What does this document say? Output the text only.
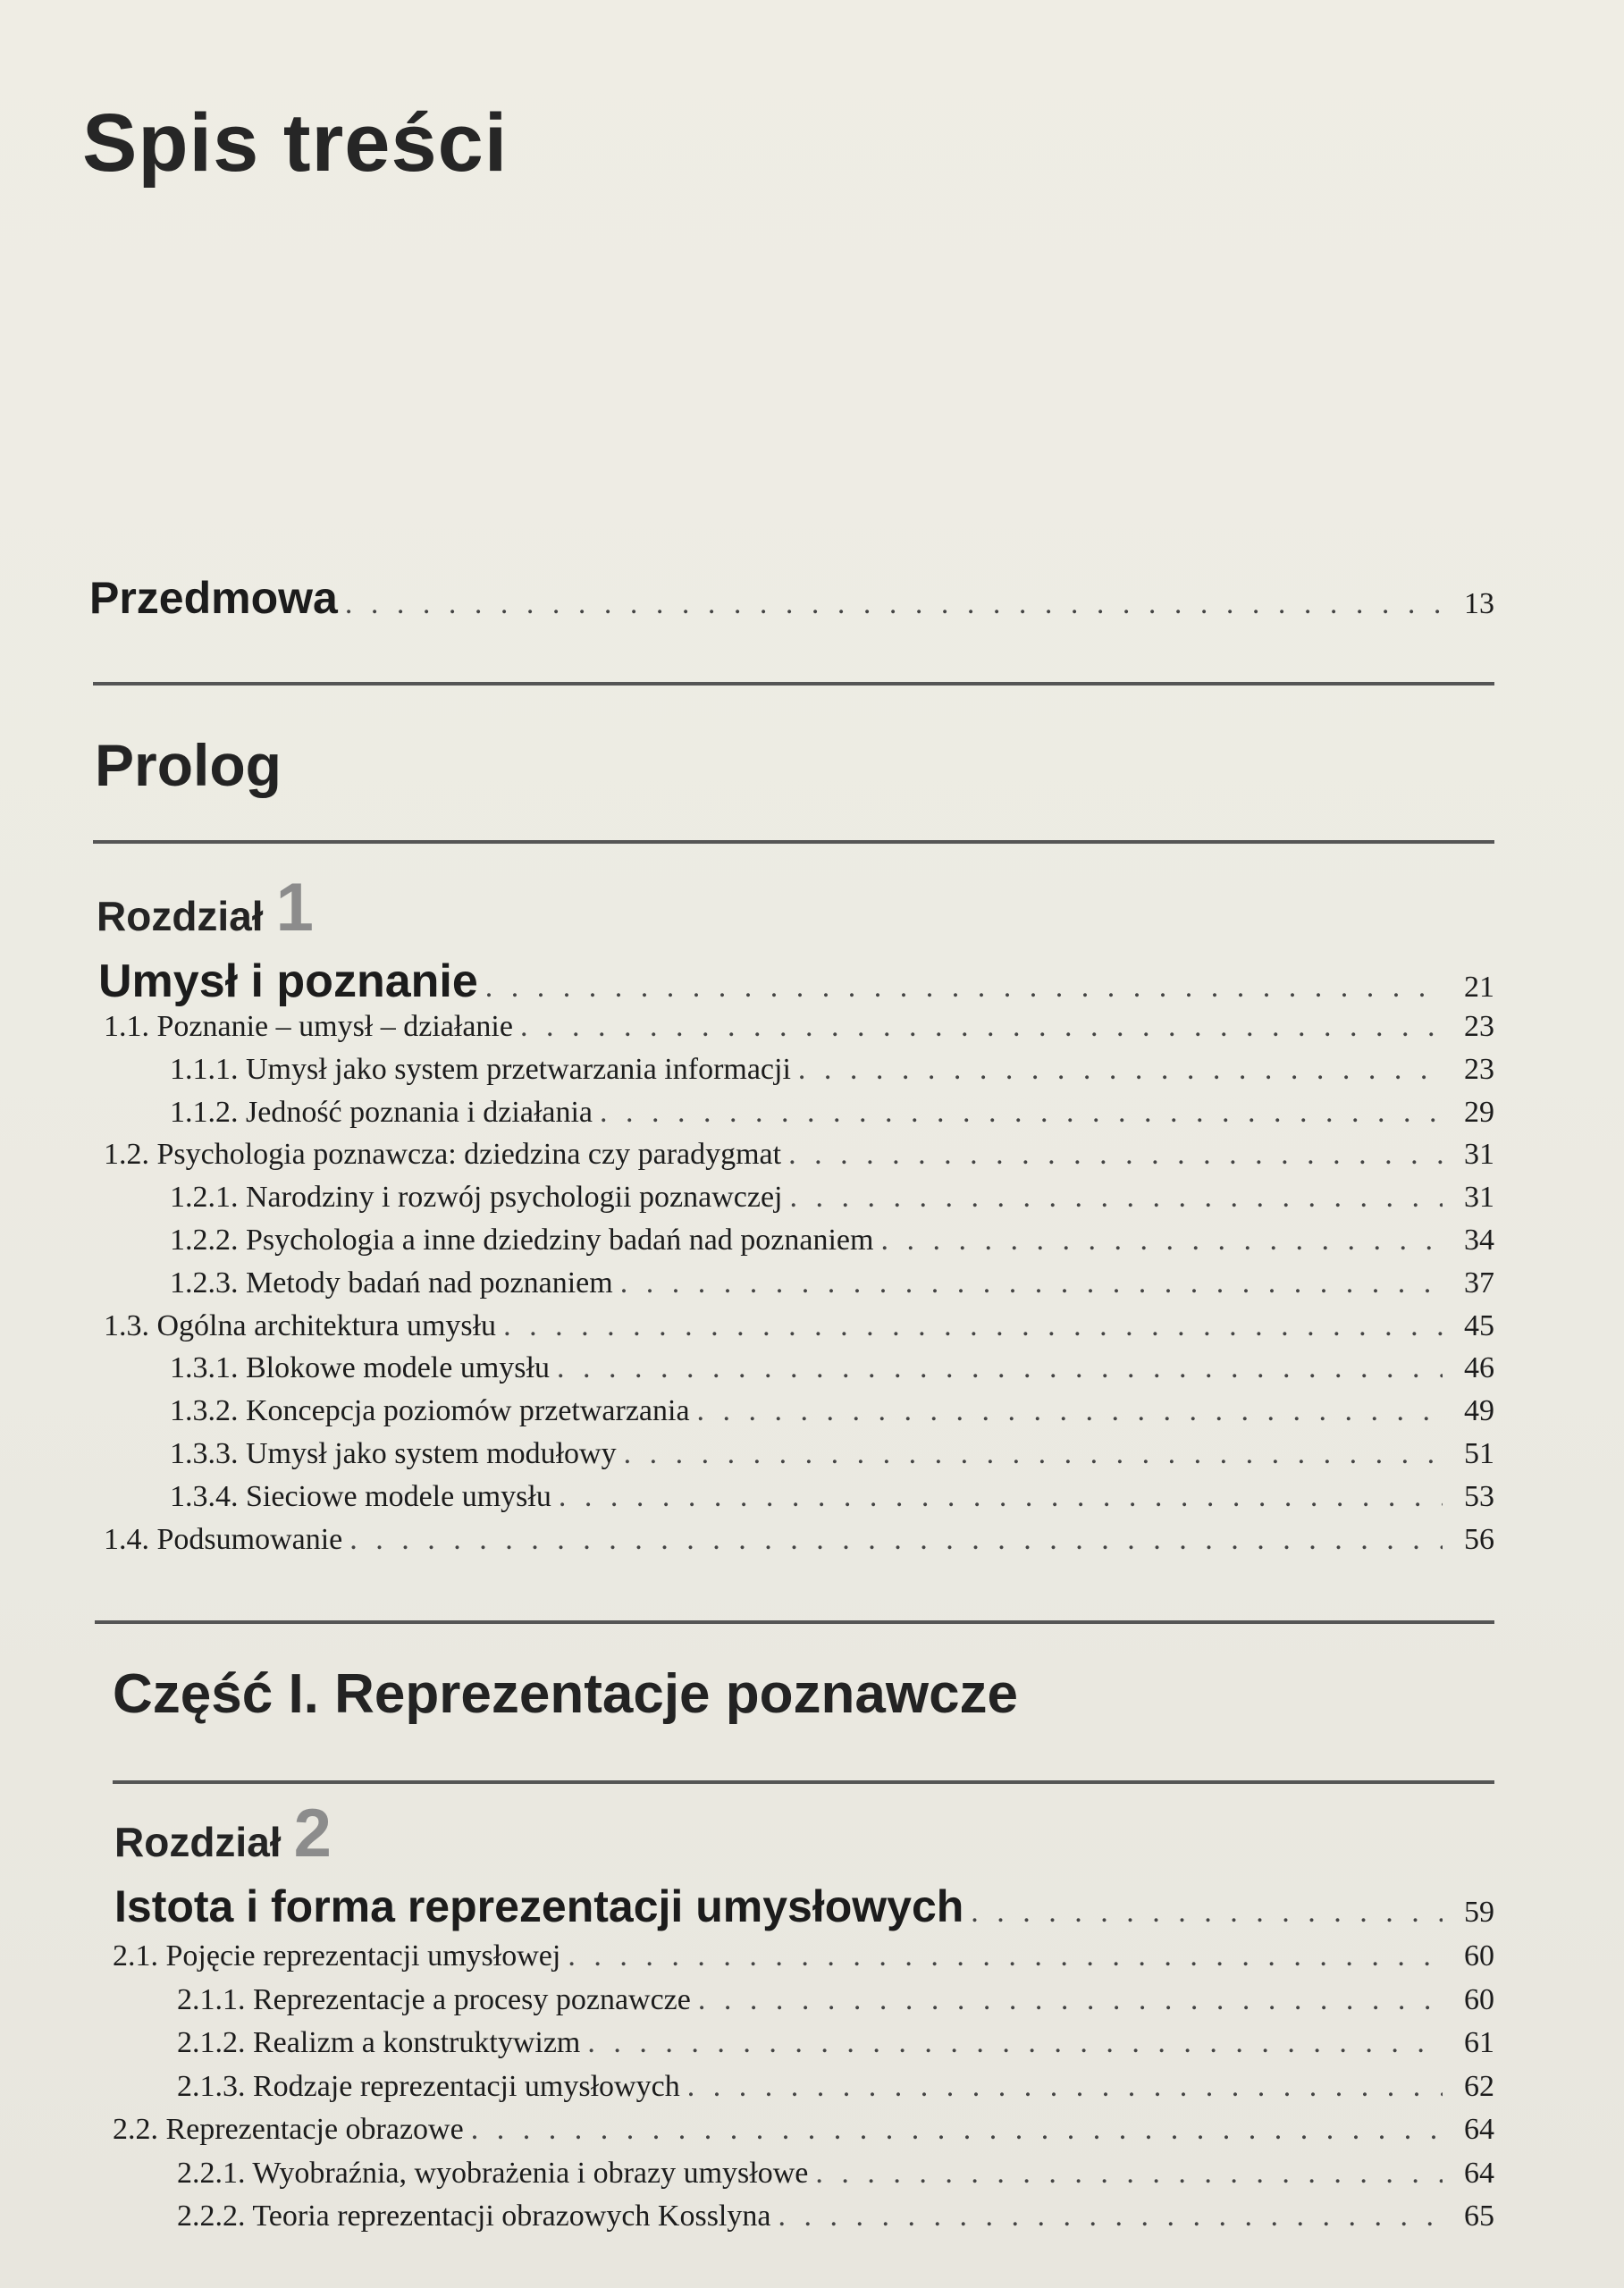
Spis treści
Przedmowa . . .	13
Prolog
Rozdział 1
Umysł i poznanie . . .	21
1.1. Poznanie – umysł – działanie . . .	23
1.1.1. Umysł jako system przetwarzania informacji . . .	23
1.1.2. Jedność poznania i działania . . .	29
1.2. Psychologia poznawcza: dziedzina czy paradygmat . . .	31
1.2.1. Narodziny i rozwój psychologii poznawczej . . .	31
1.2.2. Psychologia a inne dziedziny badań nad poznaniem . . .	34
1.2.3. Metody badań nad poznaniem . . .	37
1.3. Ogólna architektura umysłu . . .	45
1.3.1. Blokowe modele umysłu . . .	46
1.3.2. Koncepcja poziomów przetwarzania . . .	49
1.3.3. Umysł jako system modułowy . . .	51
1.3.4. Sieciowe modele umysłu . . .	53
1.4. Podsumowanie . . .	56
Część I. Reprezentacje poznawcze
Rozdział 2
Istota i forma reprezentacji umysłowych . . .	59
2.1. Pojęcie reprezentacji umysłowej . . .	60
2.1.1. Reprezentacje a procesy poznawcze . . .	60
2.1.2. Realizm a konstruktywizm . . .	61
2.1.3. Rodzaje reprezentacji umysłowych . . .	62
2.2. Reprezentacje obrazowe . . .	64
2.2.1. Wyobraźnia, wyobrażenia i obrazy umysłowe . . .	64
2.2.2. Teoria reprezentacji obrazowych Kosslyna . . .	65
